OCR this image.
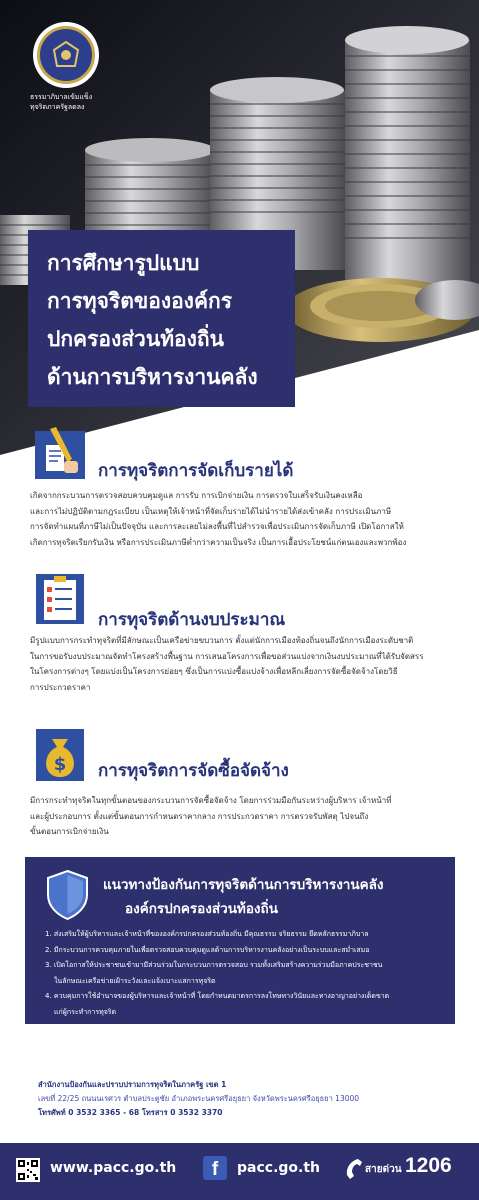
ธรรมาภิบาลเข้มแข็ง
ทุจริตภาครัฐลดลง
การศึกษารูปแบบ
การทุจริตขององค์กร
ปกครองส่วนท้องถิ่น
ด้านการบริหารงานคลัง
การทุจริตการจัดเก็บรายได้
เกิดจากกระบวนการตรวจสอบควบคุมดูแล การรับ การเบิกจ่ายเงิน การตรวจใบเสร็จรับเงินคงเหลือ
และการไม่ปฏิบัติตามกฎระเบียบ เป็นเหตุให้เจ้าหน้าที่จัดเก็บรายได้ไม่นำรายได้ส่งเข้าคลัง การประเมินภาษี
การจัดทำแผนที่ภาษีไม่เป็นปัจจุบัน และการละเลยไม่ลงพื้นที่ไปสำรวจเพื่อประเมินการจัดเก็บภาษี เปิดโอกาสให้
เกิดการทุจริตเรียกรับเงิน หรือการประเมินภาษีต่ำกว่าความเป็นจริง เป็นการเอื้อประโยชน์แก่ตนเองและพวกพ้อง
การทุจริตด้านงบประมาณ
มีรูปแบบการกระทำทุจริตที่มีลักษณะเป็นเครือข่ายขบวนการ ตั้งแต่นักการเมืองท้องถิ่นจนถึงนักการเมืองระดับชาติ
ในการขอรับงบประมาณจัดทำโครงสร้างพื้นฐาน การเสนอโครงการเพื่อขอส่วนแบ่งจากเงินงบประมาณที่ได้รับจัดสรร
ในโครงการต่างๆ โดยแบ่งเป็นโครงการย่อยๆ ซึ่งเป็นการแบ่งซื้อแบ่งจ้างเพื่อหลีกเลี่ยงการจัดซื้อจัดจ้างโดยวิธี
การประกวดราคา
$ การทุจริตการจัดซื้อจัดจ้าง
มีการกระทำทุจริตในทุกขั้นตอนของกระบวนการจัดซื้อจัดจ้าง โดยการร่วมมือกันระหว่างผู้บริหาร เจ้าหน้าที่
และผู้ประกอบการ ตั้งแต่ขั้นตอนการกำหนดราคากลาง การประกวดราคา การตรวจรับพัสดุ ไปจนถึง
ขั้นตอนการเบิกจ่ายเงิน
แนวทางป้องกันการทุจริตด้านการบริหารงานคลัง
องค์กรปกครองส่วนท้องถิ่น
1. ส่งเสริมให้ผู้บริหารและเจ้าหน้าที่ขององค์กรปกครองส่วนท้องถิ่น มีคุณธรรม จริยธรรม ยึดหลักธรรมาภิบาล
2. มีกระบวนการควบคุมภายในเพื่อตรวจสอบควบคุมดูแลด้านการบริหารงานคลังอย่างเป็นระบบและสม่ำเสมอ
3. เปิดโอกาสให้ประชาชนเข้ามามีส่วนร่วมในกระบวนการตรวจสอบ รวมทั้งเสริมสร้างความร่วมมือภาคประชาชน
ในลักษณะเครือข่ายเฝ้าระวังและแจ้งเบาะแสการทุจริต
4. ควบคุมการใช้อำนาจของผู้บริหารและเจ้าหน้าที่ โดยกำหนดมาตรการลงโทษทางวินัยและทางอาญาอย่างเด็ดขาด
แก่ผู้กระทำการทุจริต
สำนักงานป้องกันและปราบปรามการทุจริตในภาครัฐ เขต 1
เลขที่ 22/25 ถนนนเรศวร ตำบลประตูชัย อำเภอพระนครศรีอยุธยา จังหวัดพระนครศรีอยุธยา 13000
โทรศัพท์ 0 3532 3365 - 68 โทรสาร 0 3532 3370
www.pacc.go.th	f	pacc.go.th	สายด่วน 1206
